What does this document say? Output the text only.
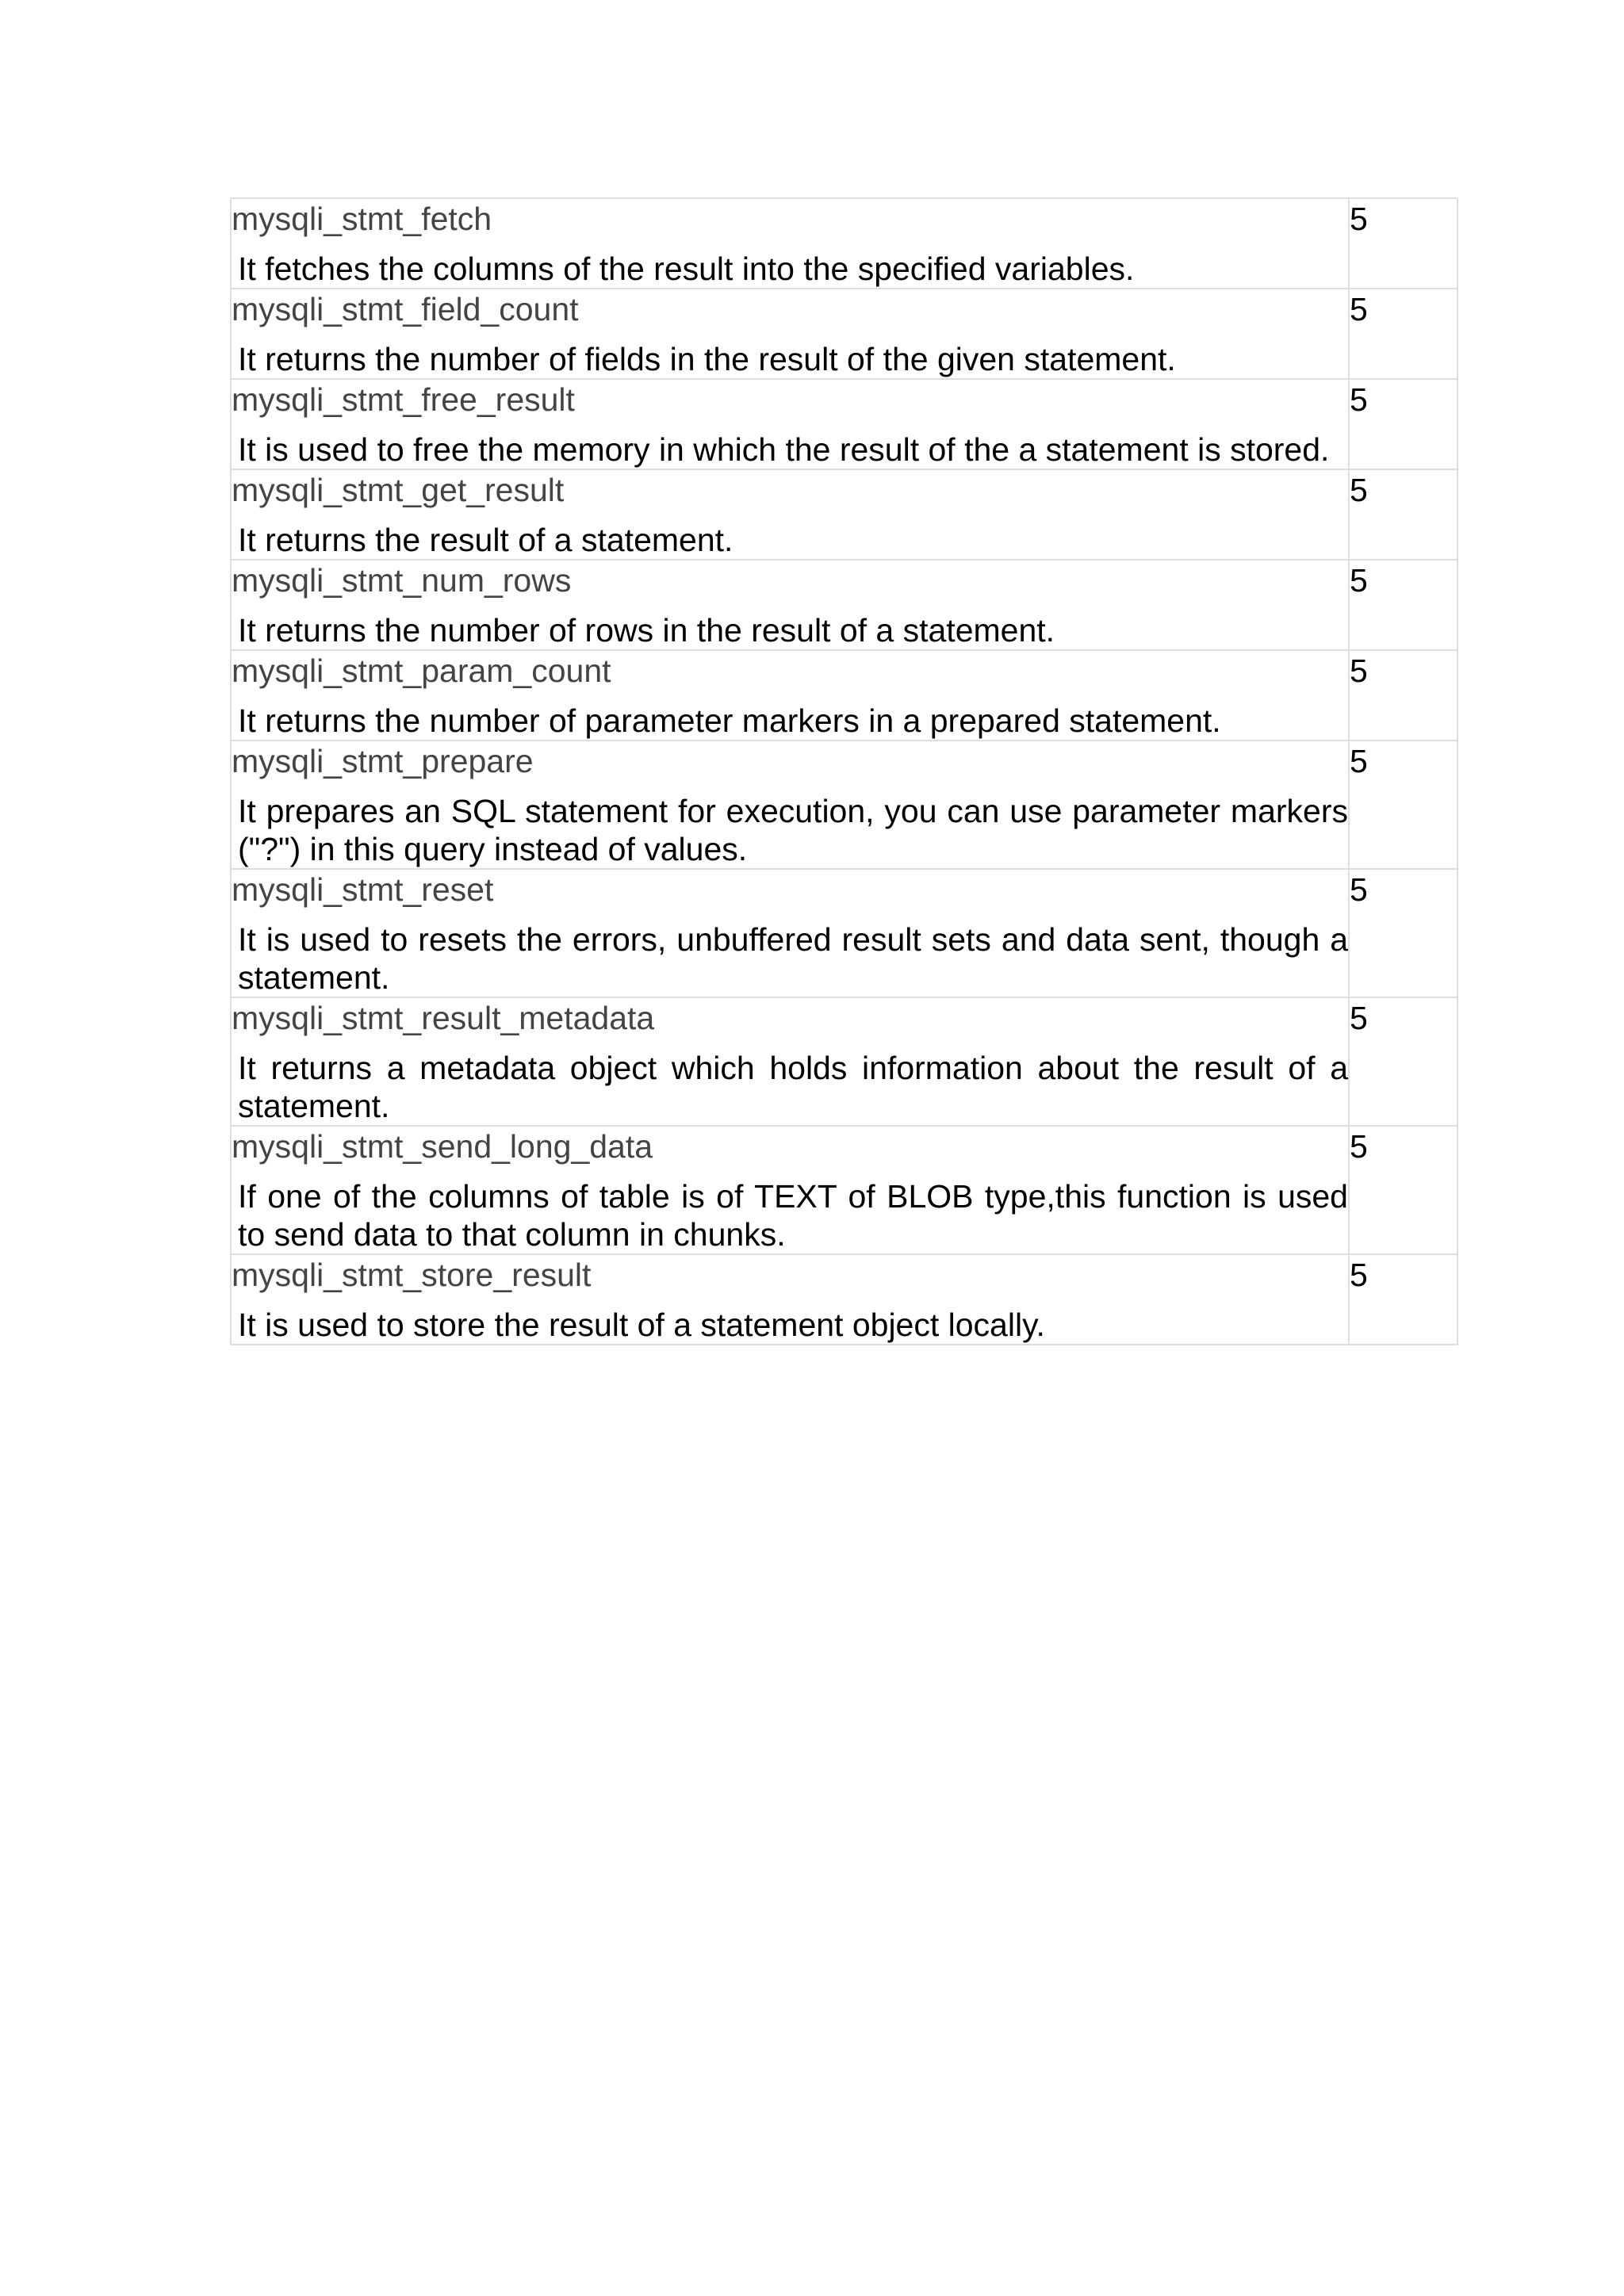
mysqli_stmt_fetch
It fetches the columns of the result into the specified variables.	5

mysqli_stmt_field_count
It returns the number of fields in the result of the given statement.	5

mysqli_stmt_free_result
It is used to free the memory in which the result of the a statement is stored.	5

mysqli_stmt_get_result
It returns the result of a statement.	5

mysqli_stmt_num_rows
It returns the number of rows in the result of a statement.	5

mysqli_stmt_param_count
It returns the number of parameter markers in a prepared statement.	5

mysqli_stmt_prepare
It prepares an SQL statement for execution, you can use parameter markers ("?") in this query instead of values.	5

mysqli_stmt_reset
It is used to resets the errors, unbuffered result sets and data sent, though a statement.	5

mysqli_stmt_result_metadata
It returns a metadata object which holds information about the result of a statement.	5

mysqli_stmt_send_long_data
If one of the columns of table is of TEXT of BLOB type,this function is used to send data to that column in chunks.	5

mysqli_stmt_store_result
It is used to store the result of a statement object locally.	5
